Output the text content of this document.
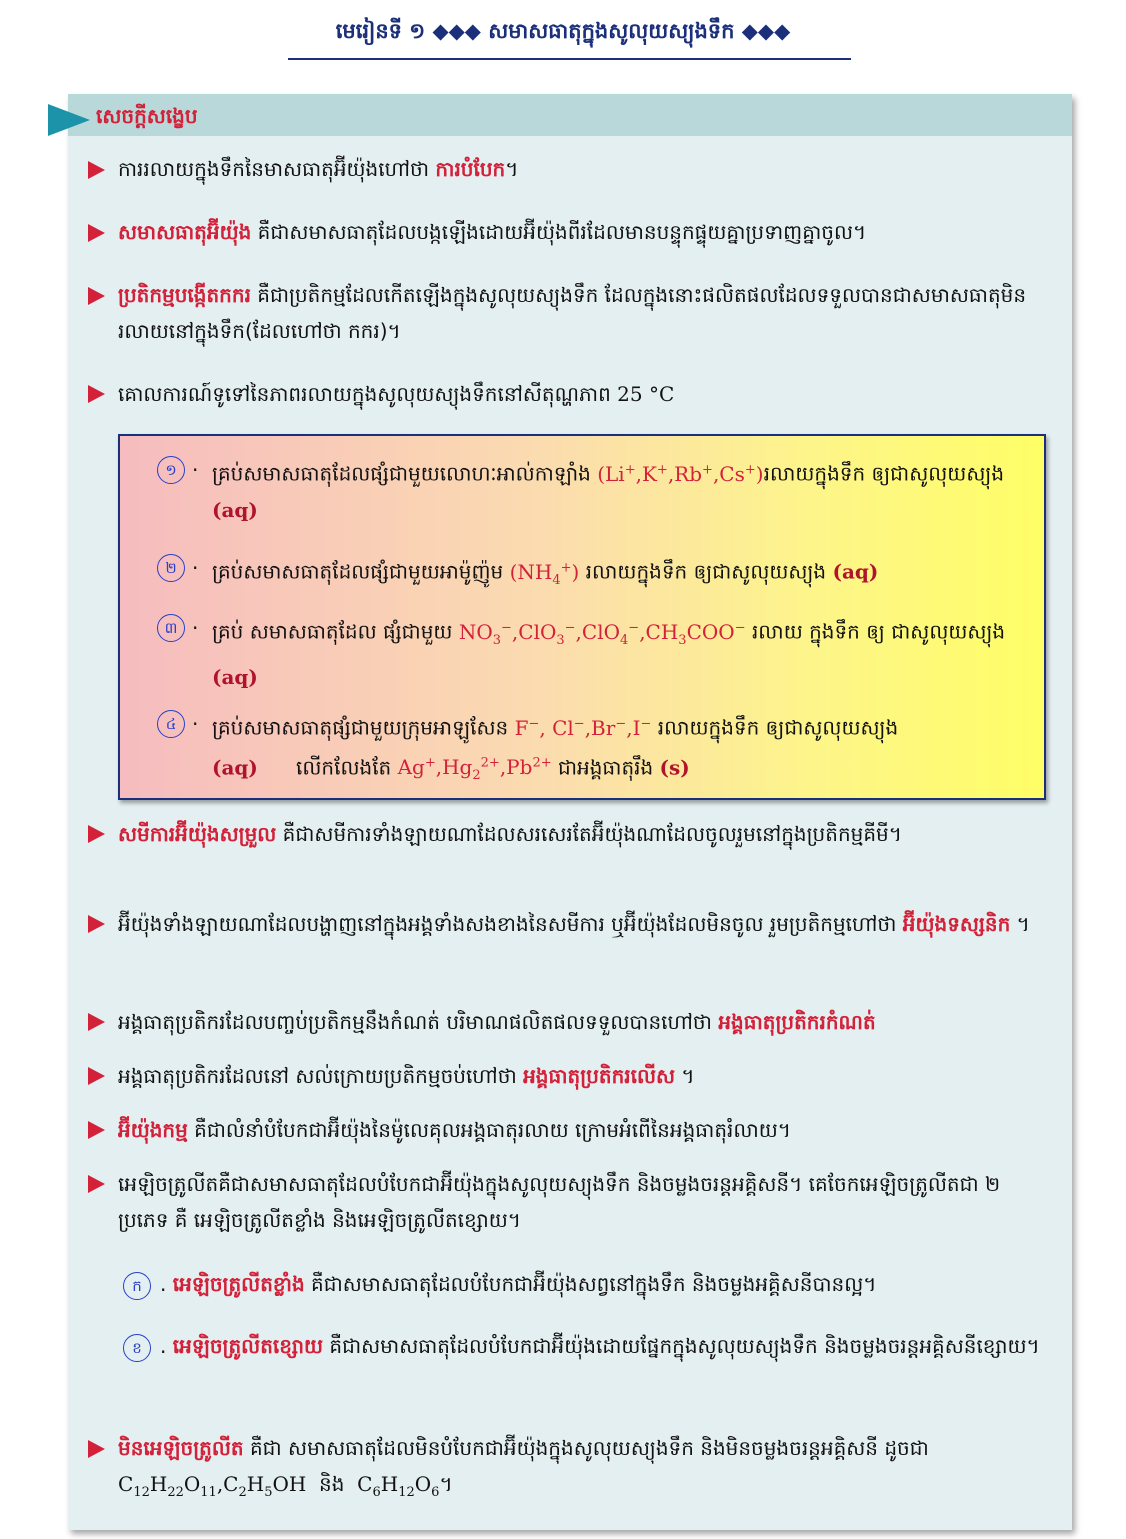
មេរៀនទី ១ ◆◆◆ សមាសធាតុក្នុងសូលុយស្យុងទឹក ◆◆◆
សេចក្ដីសង្ខេប
ការរលាយក្នុងទឹកនៃមាសធាតុអ៊ីយ៉ុងហៅថា ការបំបែក។
សមាសធាតុអ៊ីយ៉ុង គឺជាសមាសធាតុដែលបង្កឡើងដោយអ៊ីយ៉ុងពីរដែលមានបន្ទុកផ្ទុយគ្នាប្រទាញគ្នាចូល។
ប្រតិកម្មបង្កើតកករ គឺជាប្រតិកម្មដែលកើតឡើងក្នុងសូលុយស្យុងទឹក ដែលក្នុងនោះផលិតផលដែលទទួលបានជាសមាសធាតុមិនរលាយនៅក្នុងទឹក(ដែលហៅថា កករ)។
គោលការណ៍ទូទៅនៃភាពរលាយក្នុងសូលុយស្យុងទឹកនៅសីតុណ្ហភាព 25 °C
១ . គ្រប់សមាសធាតុដែលផ្សំជាមួយលោហៈអាល់កាឡាំង (Li+,K+,Rb+,Cs+)រលាយក្នុងទឹក ឲ្យជាសូលុយស្យុង (aq)
២ . គ្រប់សមាសធាតុដែលផ្សំជាមួយអាម៉ូញ៉ូម $(NH_4^+)$ រលាយក្នុងទឹក ឲ្យជាសូលុយស្យុង (aq)
៣ . គ្រប់ សមាសធាតុដែល ផ្សំជាមួយ $NO_3^-,ClO_3^-,ClO_4^-,CH_3COO^-$ រលាយ ក្នុងទឹក ឲ្យ ជាសូលុយស្យុង (aq)
៤ . គ្រប់សមាសធាតុផ្សំជាមួយក្រុមអាឡូសែន F−, Cl−,Br−,I− រលាយក្នុងទឹក ឲ្យជាសូលុយស្យុង
(aq)      លើកលែងតែ $Ag^+,Hg_2^{2+},Pb^{2+}$ ជាអង្គធាតុរឹង (s)
សមីការអ៊ីយ៉ុងសម្រួល គឺជាសមីការទាំងឡាយណាដែលសរសេរតែអ៊ីយ៉ុងណាដែលចូលរួមនៅក្នុងប្រតិកម្មគីមី។
អ៊ីយ៉ុងទាំងឡាយណាដែលបង្ហាញនៅក្នុងអង្គទាំងសងខាងនៃសមីការ ឬអ៊ីយ៉ុងដែលមិនចូល រួមប្រតិកម្មហៅថា អ៊ីយ៉ុងទស្សនិក ។
អង្គធាតុប្រតិករដែលបញ្ចប់ប្រតិកម្មនឹងកំណត់ បរិមាណផលិតផលទទួលបានហៅថា អង្គធាតុប្រតិករកំណត់
អង្គធាតុប្រតិករដែលនៅ សល់ក្រោយប្រតិកម្មចប់ហៅថា អង្គធាតុប្រតិករលើស ។
អ៊ីយ៉ុងកម្ម គឺជាលំនាំបំបែកជាអ៊ីយ៉ុងនៃម៉ូលេគុលអង្គធាតុរលាយ ក្រោមអំពើនៃអង្គធាតុរំលាយ។
អេឡិចត្រូលីតគឺជាសមាសធាតុដែលបំបែកជាអ៊ីយ៉ុងក្នុងសូលុយស្យុងទឹក និងចម្លងចរន្តអគ្គិសនី។ គេចែកអេឡិចត្រូលីតជា ២ ប្រភេទ គឺ អេឡិចត្រូលីតខ្លាំង និងអេឡិចត្រូលីតខ្សោយ។
ក . អេឡិចត្រូលីតខ្លាំង គឺជាសមាសធាតុដែលបំបែកជាអ៊ីយ៉ុងសព្វនៅក្នុងទឹក និងចម្លងអគ្គិសនីបានល្អ។
ខ . អេឡិចត្រូលីតខ្សោយ គឺជាសមាសធាតុដែលបំបែកជាអ៊ីយ៉ុងដោយផ្នែកក្នុងសូលុយស្យុងទឹក និងចម្លងចរន្តអគ្គិសនីខ្សោយ។
មិនអេឡិចត្រូលីត គឺជា សមាសធាតុដែលមិនបំបែកជាអ៊ីយ៉ុងក្នុងសូលុយស្យុងទឹក និងមិនចម្លងចរន្តអគ្គិសនី ដូចជា $C_{12}H_{22}O_{11},C_2H_5OH$  និង  $C_6H_{12}O_6$។
